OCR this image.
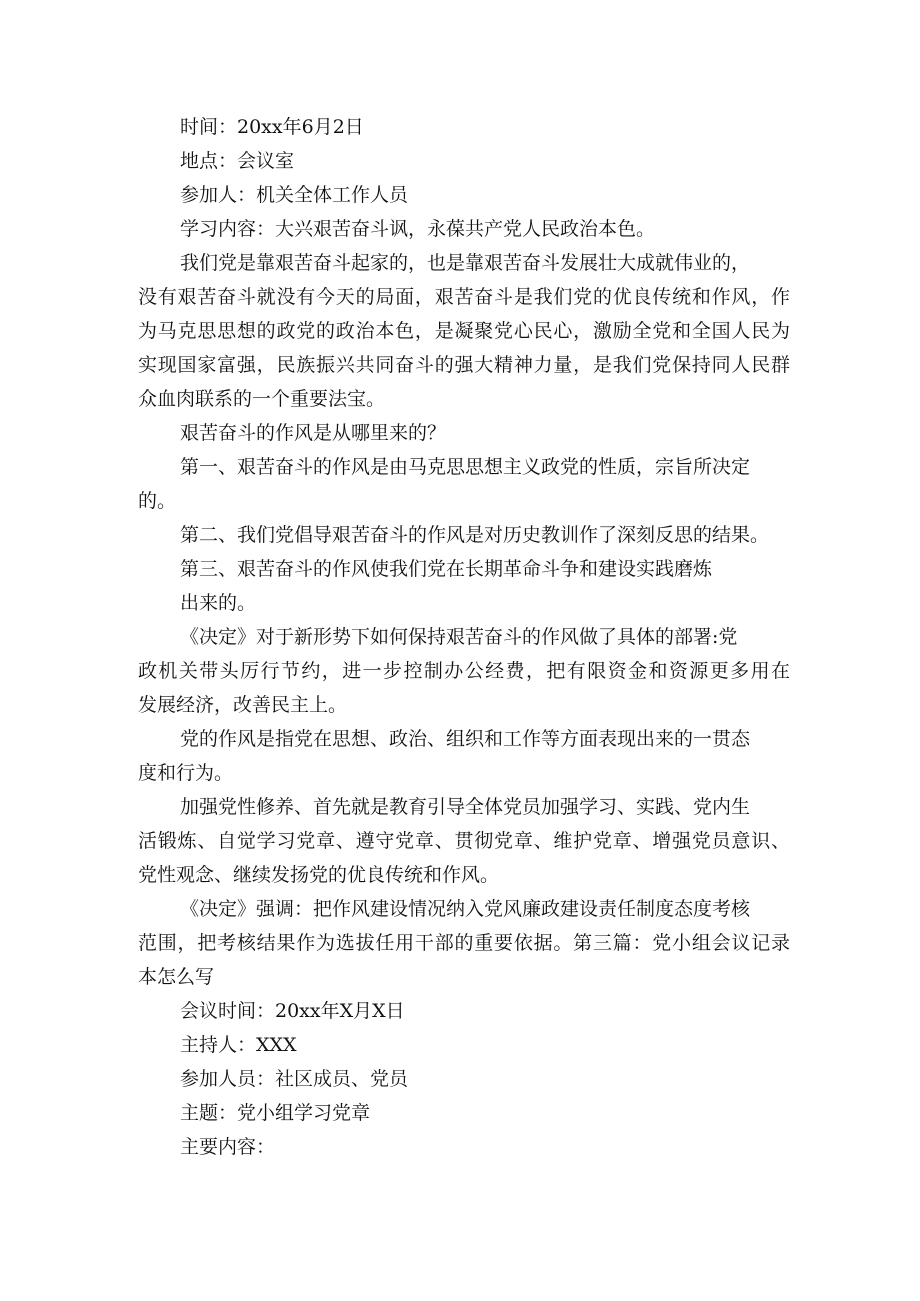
时间：20xx年6月2日
地点：会议室
参加人：机关全体工作人员
学习内容：大兴艰苦奋斗讽，永葆共产党人民政治本色。
我们党是靠艰苦奋斗起家的，也是靠艰苦奋斗发展壮大成就伟业的，
没有艰苦奋斗就没有今天的局面，艰苦奋斗是我们党的优良传统和作风，作
为马克思思想的政党的政治本色，是凝聚党心民心，激励全党和全国人民为
实现国家富强，民族振兴共同奋斗的强大精神力量，是我们党保持同人民群
众血肉联系的一个重要法宝。
艰苦奋斗的作风是从哪里来的？
第一、艰苦奋斗的作风是由马克思思想主义政党的性质，宗旨所决定
的。
第二、我们党倡导艰苦奋斗的作风是对历史教训作了深刻反思的结果。
第三、艰苦奋斗的作风使我们党在长期革命斗争和建设实践磨炼
出来的。
《决定》对于新形势下如何保持艰苦奋斗的作风做了具体的部署:党
政机关带头厉行节约，进一步控制办公经费，把有限资金和资源更多用在
发展经济，改善民主上。
党的作风是指党在思想、政治、组织和工作等方面表现出来的一贯态
度和行为。
加强党性修养、首先就是教育引导全体党员加强学习、实践、党内生
活锻炼、自觉学习党章、遵守党章、贯彻党章、维护党章、增强党员意识、
党性观念、继续发扬党的优良传统和作风。
《决定》强调：把作风建设情况纳入党风廉政建设责任制度态度考核
范围，把考核结果作为选拔任用干部的重要依据。第三篇：党小组会议记录
本怎么写
会议时间：20xx年X月X日
主持人：XXX
参加人员：社区成员、党员
主题：党小组学习党章
主要内容：
